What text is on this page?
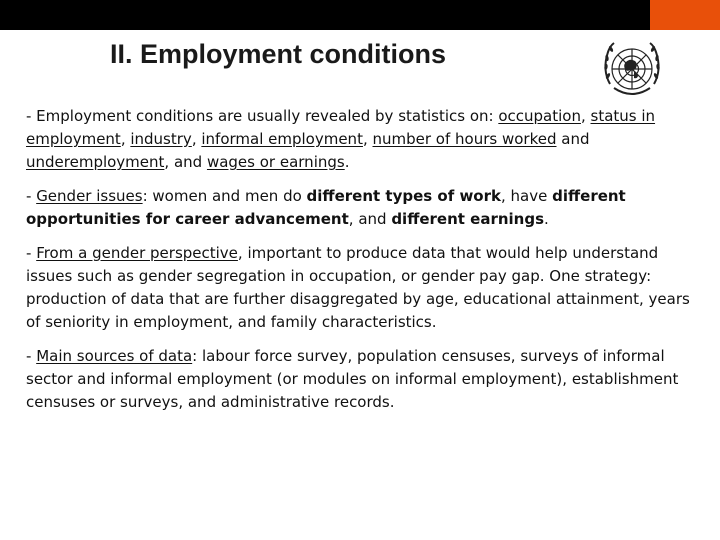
II. Employment conditions

- Employment conditions are usually revealed by statistics on: occupation, status in employment, industry, informal employment, number of hours worked and underemployment, and wages or earnings.

- Gender issues: women and men do different types of work, have different opportunities for career advancement, and different earnings.

- From a gender perspective, important to produce data that would help understand issues such as gender segregation in occupation, or gender pay gap. One strategy: production of data that are further disaggregated by age, educational attainment, years of seniority in employment, and family characteristics.

- Main sources of data: labour force survey, population censuses, surveys of informal sector and informal employment (or modules on informal employment), establishment censuses or surveys, and administrative records.
